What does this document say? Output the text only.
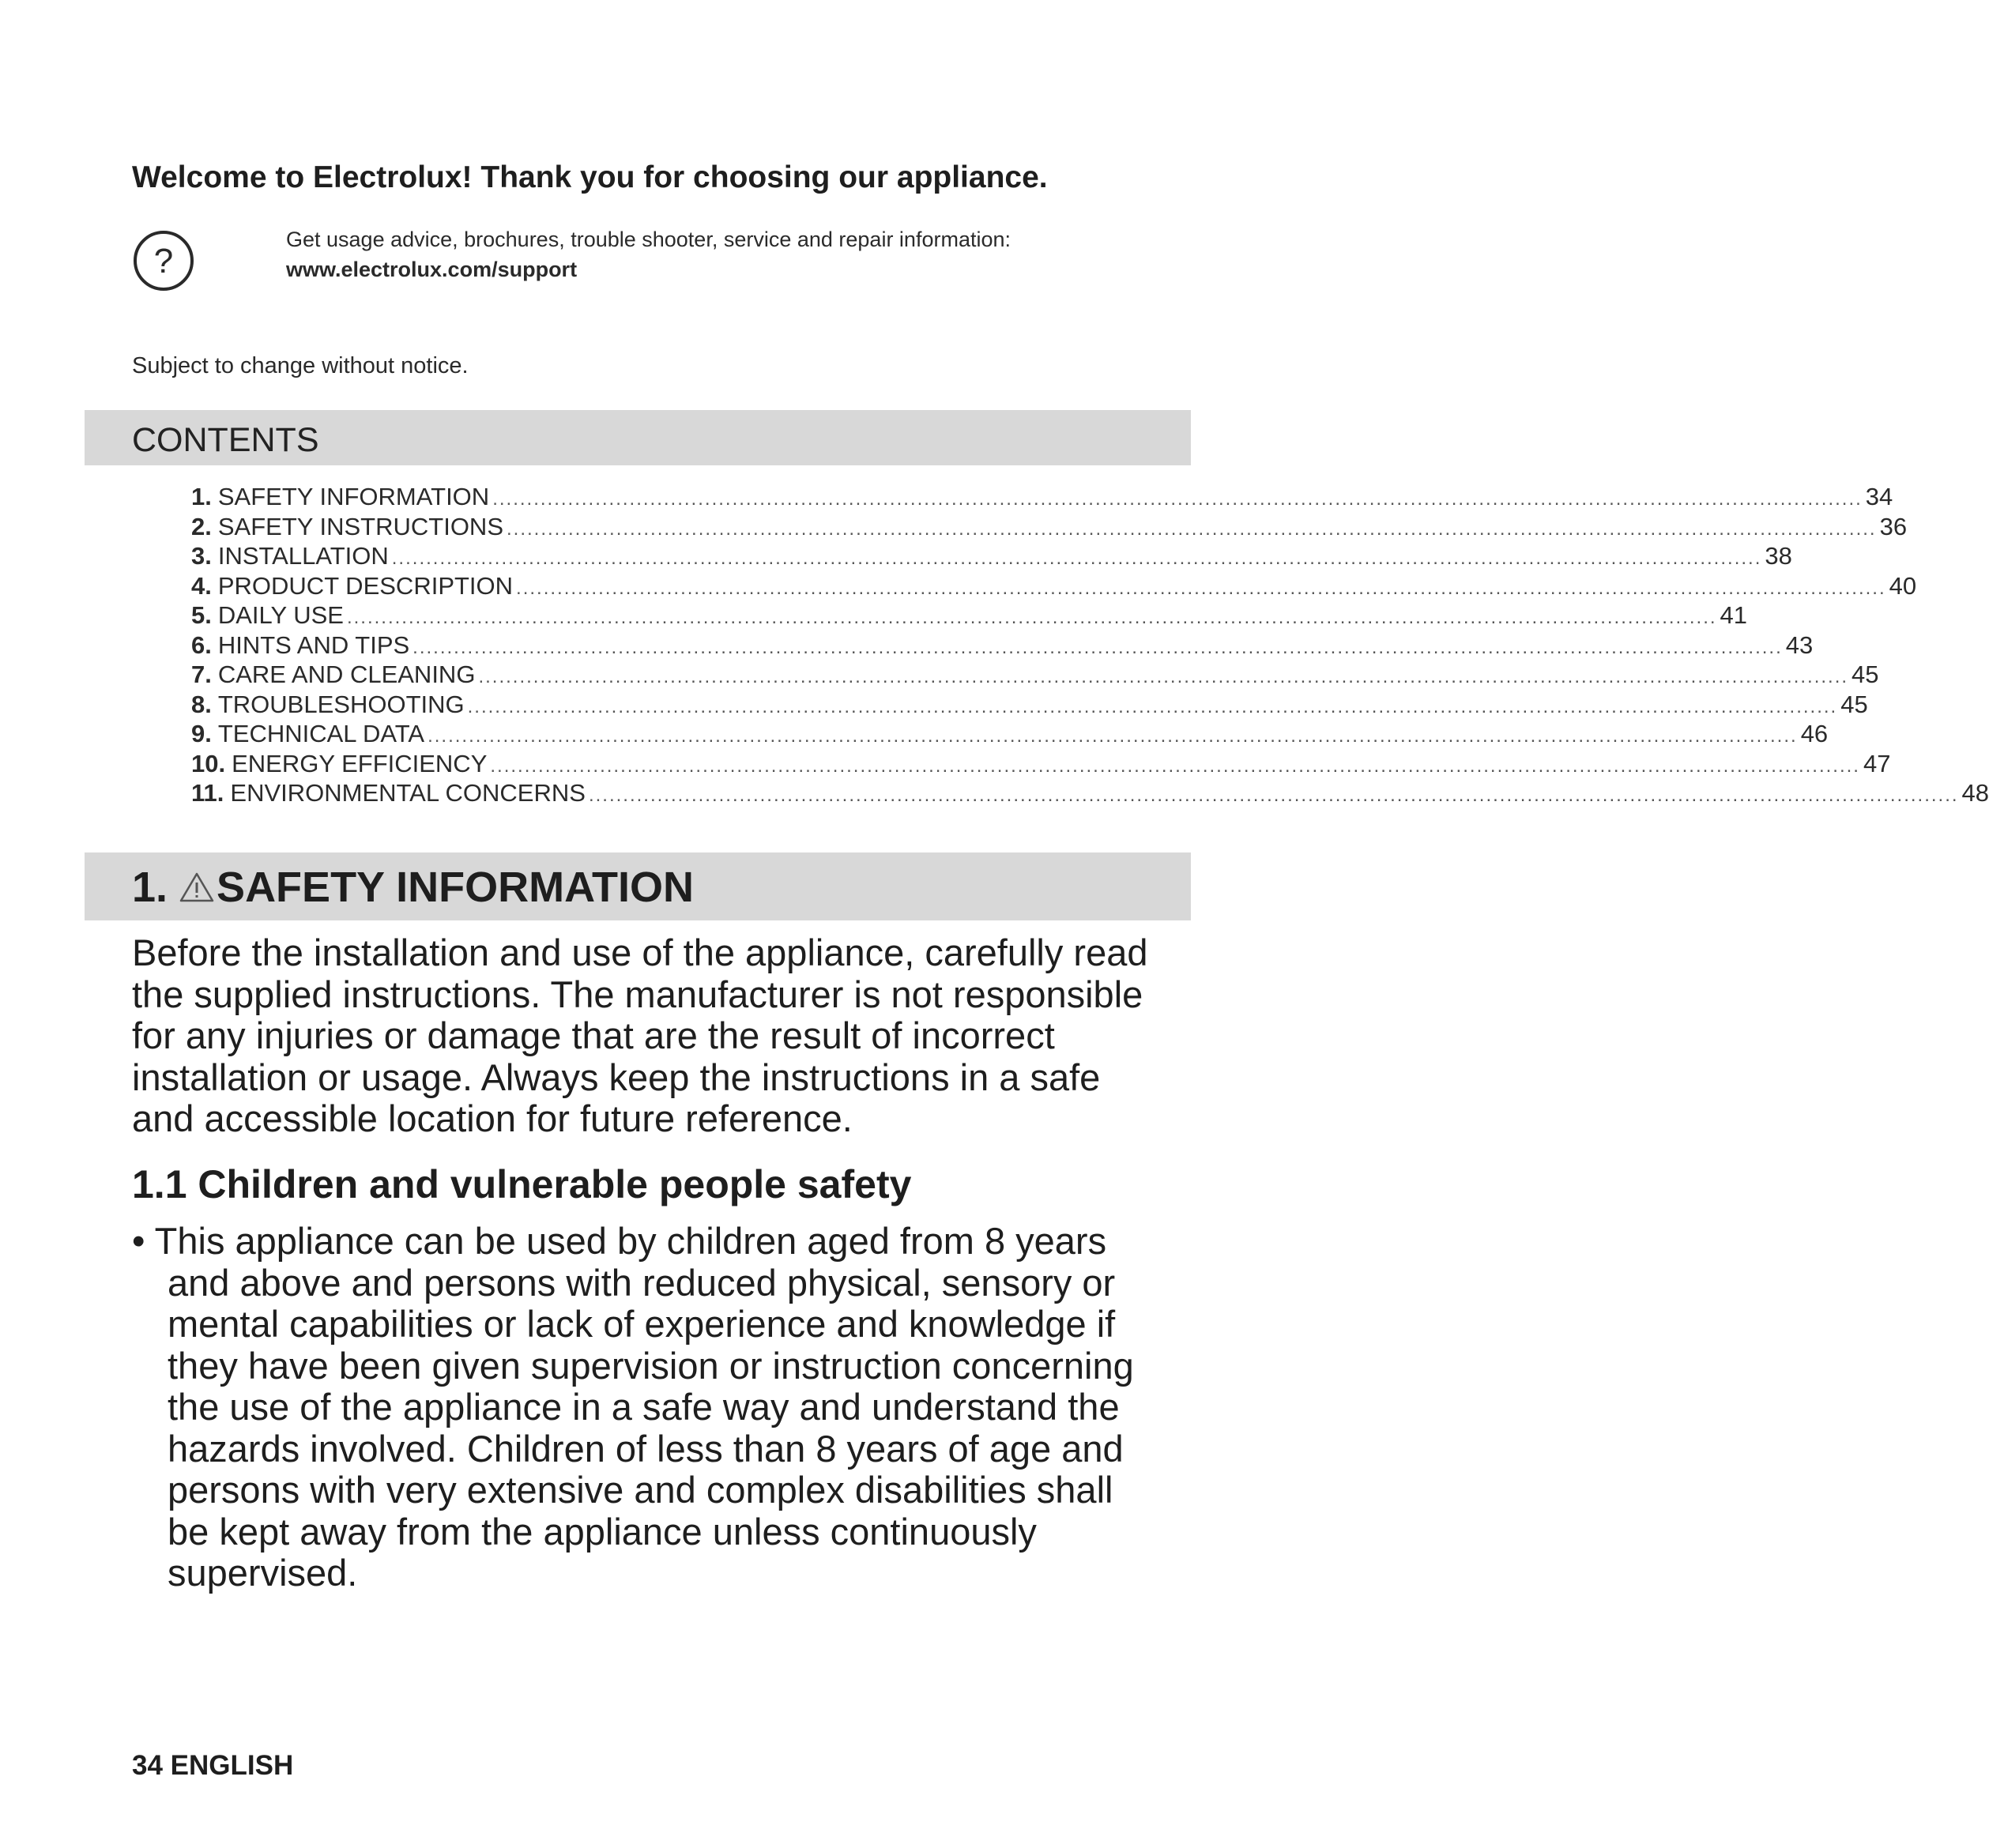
Welcome to Electrolux! Thank you for choosing our appliance.
?
Get usage advice, brochures, trouble shooter, service and repair information:
www.electrolux.com/support
Subject to change without notice.
CONTENTS
1. SAFETY INFORMATION ........................................................................................................................................................................................................ 34
2. SAFETY INSTRUCTIONS ........................................................................................................................................................................................................ 36
3. INSTALLATION ........................................................................................................................................................................................................ 38
4. PRODUCT DESCRIPTION ........................................................................................................................................................................................................ 40
5. DAILY USE ........................................................................................................................................................................................................ 41
6. HINTS AND TIPS ........................................................................................................................................................................................................ 43
7. CARE AND CLEANING ........................................................................................................................................................................................................ 45
8. TROUBLESHOOTING ........................................................................................................................................................................................................ 45
9. TECHNICAL DATA ........................................................................................................................................................................................................ 46
10. ENERGY EFFICIENCY ........................................................................................................................................................................................................ 47
11. ENVIRONMENTAL CONCERNS ........................................................................................................................................................................................................ 48
1. SAFETY INFORMATION
Before the installation and use of the appliance, carefully read
the supplied instructions. The manufacturer is not responsible
for any injuries or damage that are the result of incorrect
installation or usage. Always keep the instructions in a safe
and accessible location for future reference.
1.1 Children and vulnerable people safety
• This appliance can be used by children aged from 8 years
and above and persons with reduced physical, sensory or
mental capabilities or lack of experience and knowledge if
they have been given supervision or instruction concerning
the use of the appliance in a safe way and understand the
hazards involved. Children of less than 8 years of age and
persons with very extensive and complex disabilities shall
be kept away from the appliance unless continuously
supervised.
34 ENGLISH
